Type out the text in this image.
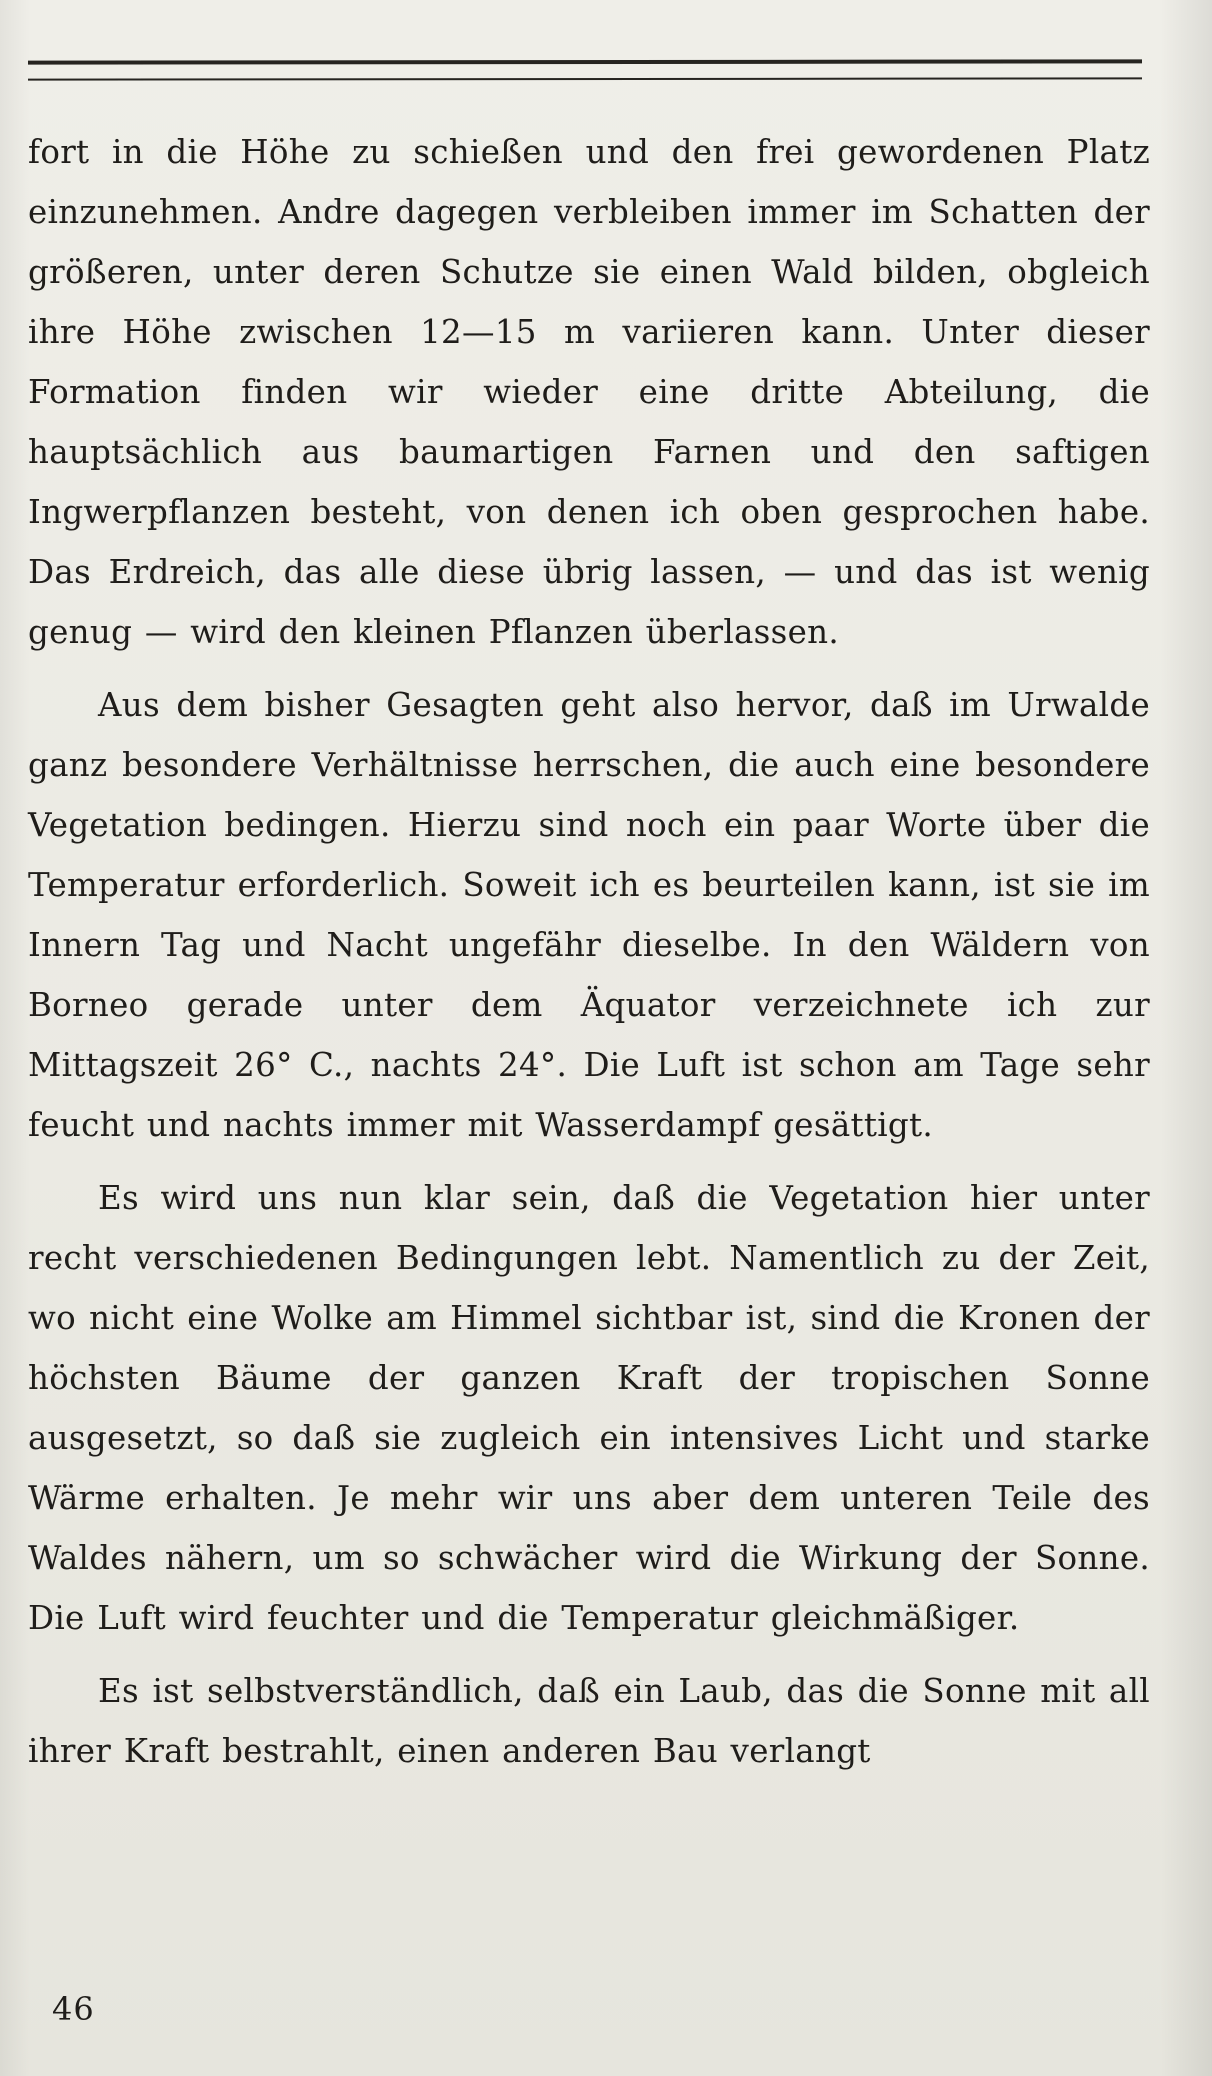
fort in die Höhe zu schießen und den frei gewordenen Platz einzunehmen. Andre dagegen verbleiben immer im Schatten der größeren, unter deren Schutze sie einen Wald bilden, obgleich ihre Höhe zwischen 12—15 m variieren kann. Unter dieser Formation finden wir wieder eine dritte Abteilung, die hauptsächlich aus baumartigen Farnen und den saftigen Ingwerpflanzen besteht, von denen ich oben gesprochen habe. Das Erdreich, das alle diese übrig lassen, — und das ist wenig genug — wird den kleinen Pflanzen überlassen.

Aus dem bisher Gesagten geht also hervor, daß im Urwalde ganz besondere Verhältnisse herrschen, die auch eine besondere Vegetation bedingen. Hierzu sind noch ein paar Worte über die Temperatur erforderlich. Soweit ich es beurteilen kann, ist sie im Innern Tag und Nacht ungefähr dieselbe. In den Wäldern von Borneo gerade unter dem Äquator verzeichnete ich zur Mittagszeit 26° C., nachts 24°. Die Luft ist schon am Tage sehr feucht und nachts immer mit Wasserdampf gesättigt.

Es wird uns nun klar sein, daß die Vegetation hier unter recht verschiedenen Bedingungen lebt. Namentlich zu der Zeit, wo nicht eine Wolke am Himmel sichtbar ist, sind die Kronen der höchsten Bäume der ganzen Kraft der tropischen Sonne ausgesetzt, so daß sie zugleich ein intensives Licht und starke Wärme erhalten. Je mehr wir uns aber dem unteren Teile des Waldes nähern, um so schwächer wird die Wirkung der Sonne. Die Luft wird feuchter und die Temperatur gleichmäßiger.

Es ist selbstverständlich, daß ein Laub, das die Sonne mit all ihrer Kraft bestrahlt, einen anderen Bau verlangt

46
